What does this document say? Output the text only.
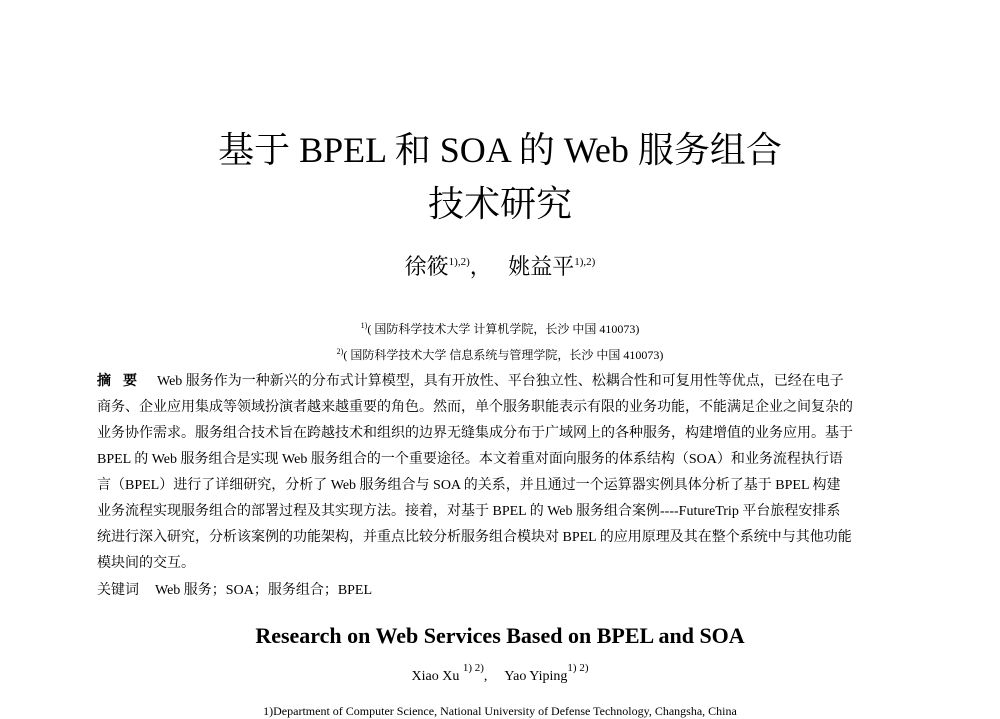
基于 BPEL 和 SOA 的 Web 服务组合
技术研究
徐筱$^{1),2)}$， 姚益平$^{1),2)}$
$^{1)}$( 国防科学技术大学 计算机学院，长沙 中国 410073)
$^{2)}$( 国防科学技术大学 信息系统与管理学院，长沙 中国 410073)
摘要 Web 服务作为一种新兴的分布式计算模型，具有开放性、平台独立性、松耦合性和可复用性等优点，已经在电子
商务、企业应用集成等领域扮演者越来越重要的角色。然而，单个服务职能表示有限的业务功能，不能满足企业之间复杂的
业务协作需求。服务组合技术旨在跨越技术和组织的边界无缝集成分布于广域网上的各种服务，构建增值的业务应用。基于
BPEL 的 Web 服务组合是实现 Web 服务组合的一个重要途径。本文着重对面向服务的体系结构（SOA）和业务流程执行语
言（BPEL）进行了详细研究，分析了 Web 服务组合与 SOA 的关系，并且通过一个运算器实例具体分析了基于 BPEL 构建
业务流程实现服务组合的部署过程及其实现方法。接着，对基于 BPEL 的 Web 服务组合案例----FutureTrip 平台旅程安排系
统进行深入研究，分析该案例的功能架构，并重点比较分析服务组合模块对 BPEL 的应用原理及其在整个系统中与其他功能
模块间的交互。
关键词 Web 服务；SOA；服务组合；BPEL
Research on Web Services Based on BPEL and SOA
Xiao Xu $^{1) 2)}$, Yao Yiping$^{1) 2)}$
1)Department of Computer Science, National University of Defense Technology, Changsha, China
